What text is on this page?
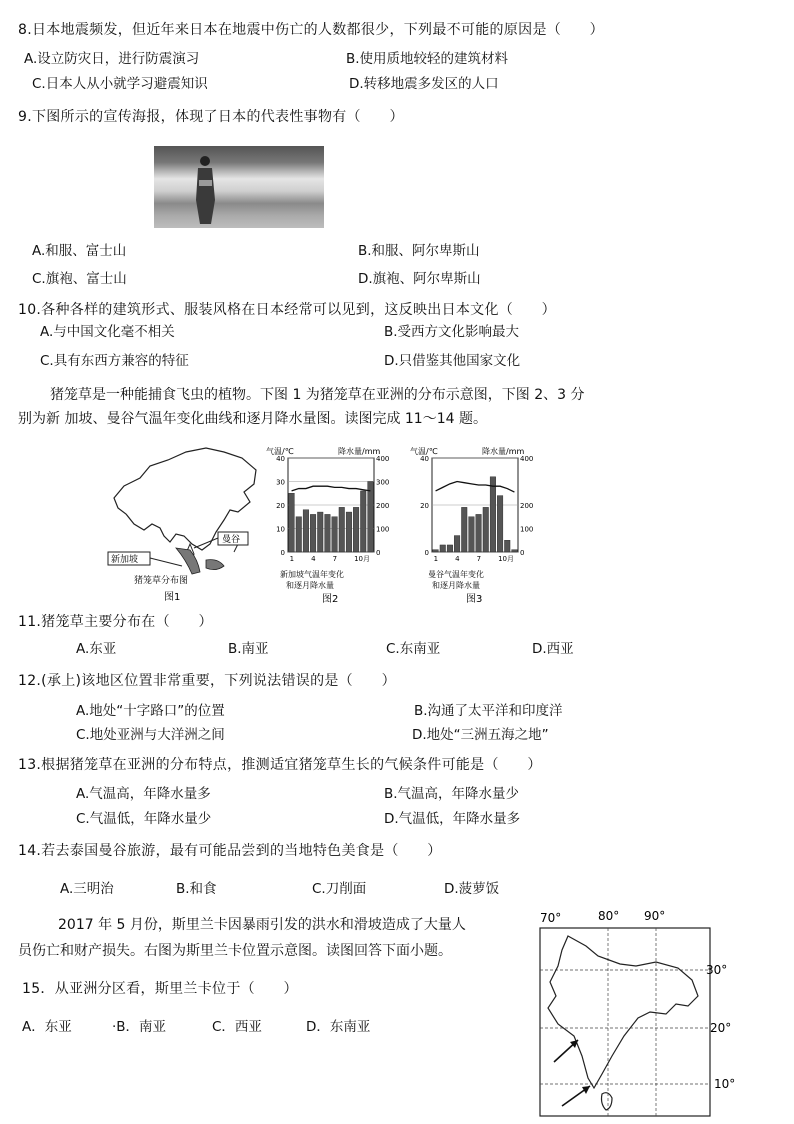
8.日本地震频发，但近年来日本在地震中伤亡的人数都很少，下列最不可能的原因是（　　）
A.设立防灾日，进行防震演习	B.使用质地较轻的建筑材料
C.日本人从小就学习避震知识	D.转移地震多发区的人口
9.下图所示的宣传海报，体现了日本的代表性事物有（　　）
A.和服、富士山	B.和服、阿尔卑斯山
C.旗袍、富士山	D.旗袍、阿尔卑斯山
10.各种各样的建筑形式、服装风格在日本经常可以见到，这反映出日本文化（　　）
A.与中国文化毫不相关	B.受西方文化影响最大
C.具有东西方兼容的特征	D.只借鉴其他国家文化
猪笼草是一种能捕食飞虫的植物。下图 1 为猪笼草在亚洲的分布示意图，下图 2、3 分
别为新 加坡、曼谷气温年变化曲线和逐月降水量图。读图完成 11～14 题。
新加坡
曼谷
猪笼草分布图
图1
气温/℃	降水量/mm
40
30
20
10
0
400
300
200
100
0
1 4 7 10月
新加坡气温年变化
和逐月降水量
图2
气温/℃	降水量/mm
40
20
0
400
200
100
0
1 4 7 10月
曼谷气温年变化
和逐月降水量
图3
11.猪笼草主要分布在（　　）
A.东亚	B.南亚	C.东南亚	D.西亚
12.(承上)该地区位置非常重要，下列说法错误的是（　　）
A.地处“十字路口”的位置	B.沟通了太平洋和印度洋
C.地处亚洲与大洋洲之间	D.地处“三洲五海之地”
13.根据猪笼草在亚洲的分布特点，推测适宜猪笼草生长的气候条件可能是（　　）
A.气温高，年降水量多	B.气温高，年降水量少
C.气温低，年降水量少	D.气温低，年降水量多
14.若去泰国曼谷旅游，最有可能品尝到的当地特色美食是（　　）
A.三明治	B.和食	C.刀削面	D.菠萝饭
2017 年 5 月份，斯里兰卡因暴雨引发的洪水和滑坡造成了大量人
员伤亡和财产损失。右图为斯里兰卡位置示意图。读图回答下面小题。
15．从亚洲分区看，斯里兰卡位于（　　）
A．东亚	·B．南亚	C．西亚	D．东南亚
70°	80° 90°
30°
20°
10°
